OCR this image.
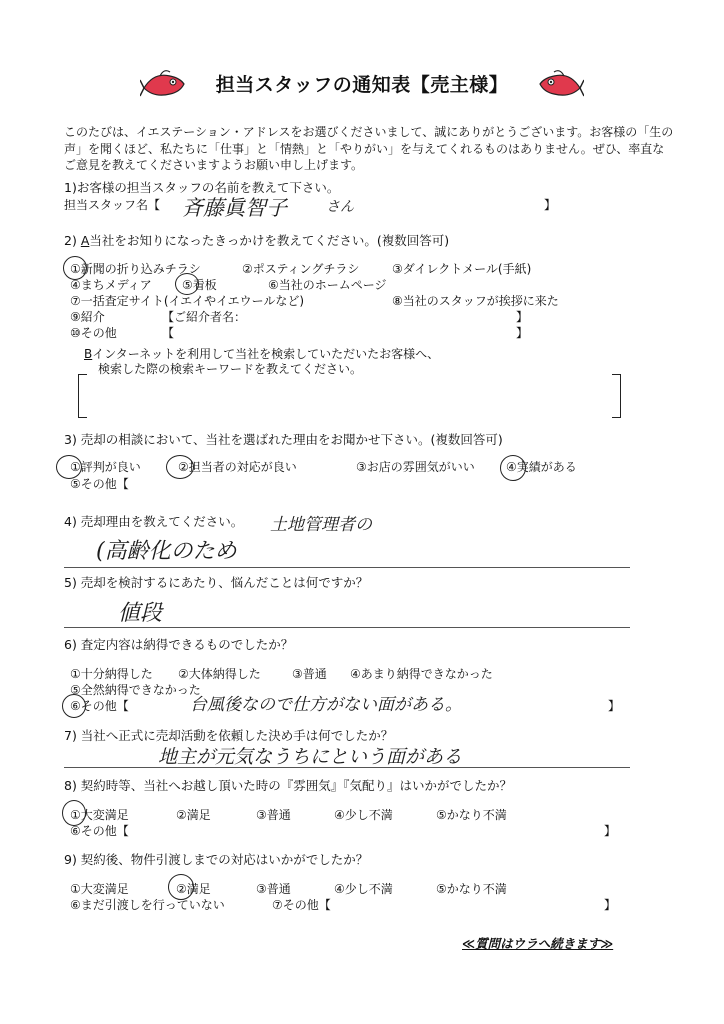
担当スタッフの通知表【売主様】
このたびは、イエステーション・アドレスをお選びくださいまして、誠にありがとうございます。お客様の「生の声」を聞くほど、私たちに「仕事」と「情熱」と「やりがい」を与えてくれるものはありません。ぜひ、率直なご意見を教えてくださいますようお願い申し上げます。
1)お客様の担当スタッフの名前を教えて下さい。
担当スタッフ名【 斉藤眞智子	さん	】
2) A当社をお知りになったきっかけを教えてください。(複数回答可)
①新聞の折り込みチラシ	②ポスティングチラシ	③ダイレクトメール(手紙)
④まちメディア	⑤看板	⑥当社のホームページ
⑦一括査定サイト(イエイやイエウールなど)	⑧当社のスタッフが挨拶に来た
⑨紹介	【ご紹介者名：	】
⑩その他	【	】
Bインターネットを利用して当社を検索していただいたお客様へ、
検索した際の検索キーワードを教えてください。
3) 売却の相談において、当社を選ばれた理由をお聞かせ下さい。(複数回答可)
①評判が良い	②担当者の対応が良い	③お店の雰囲気がいい	④実績がある
⑤その他【
4) 売却理由を教えてください。 土地管理者の
(高齢化のため
5) 売却を検討するにあたり、悩んだことは何ですか？
値段
6) 査定内容は納得できるものでしたか？
①十分納得した ②大体納得した	③普通 ④あまり納得できなかった
⑤全然納得できなかった
⑥その他【	台風後なので仕方がない面がある。	】
7) 当社へ正式に売却活動を依頼した決め手は何でしたか？
地主が元気なうちにという面がある
8) 契約時等、当社へお越し頂いた時の『雰囲気』『気配り』はいかがでしたか？
①大変満足	②満足	③普通	④少し不満	⑤かなり不満
⑥その他【	】
9) 契約後、物件引渡しまでの対応はいかがでしたか？
①大変満足	②満足	③普通	④少し不満	⑤かなり不満
⑥まだ引渡しを行っていない	⑦その他【	】
≪質問はウラへ続きます≫
